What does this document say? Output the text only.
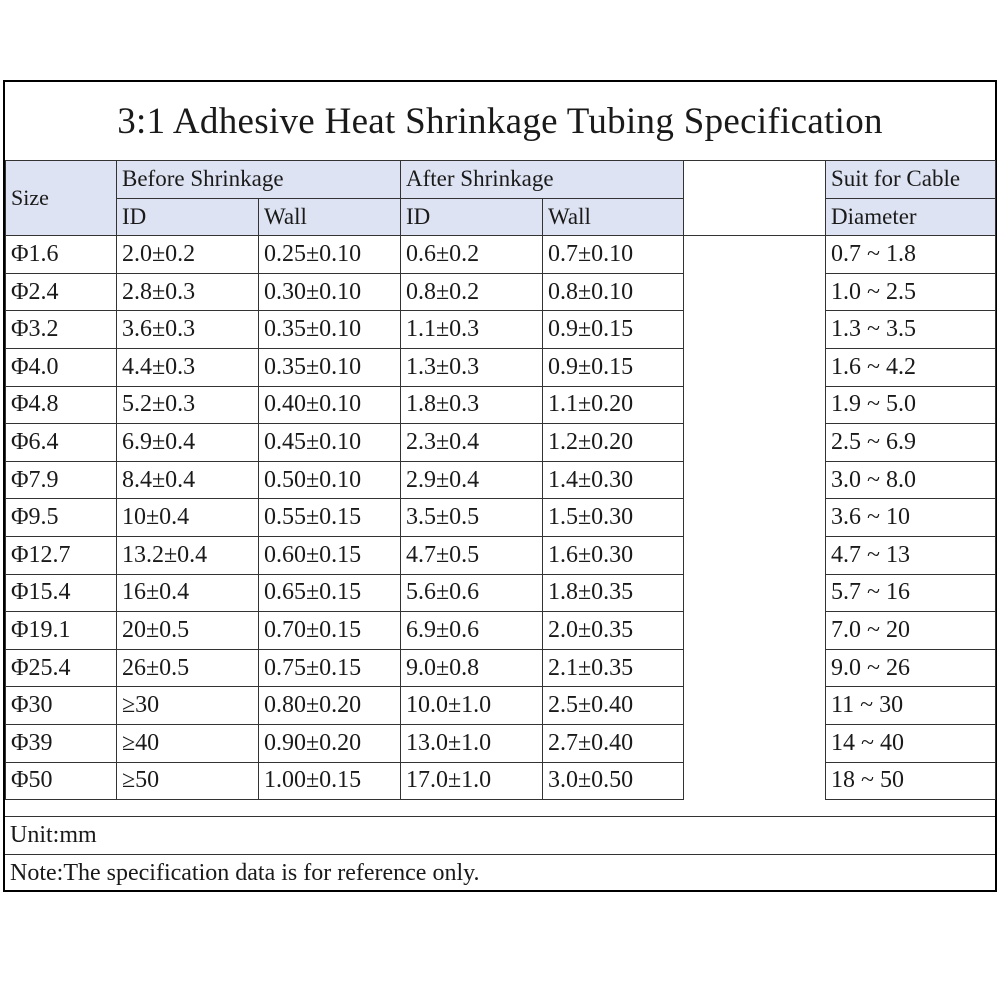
3:1 Adhesive Heat Shrinkage Tubing Specification
Size	Before Shrinkage		After Shrinkage			Suit for Cable
	ID	Wall	ID	Wall		Diameter
Φ1.6	2.0±0.2	0.25±0.10	0.6±0.2	0.7±0.10		0.7 ~ 1.8
Φ2.4	2.8±0.3	0.30±0.10	0.8±0.2	0.8±0.10		1.0 ~ 2.5
Φ3.2	3.6±0.3	0.35±0.10	1.1±0.3	0.9±0.15		1.3 ~ 3.5
Φ4.0	4.4±0.3	0.35±0.10	1.3±0.3	0.9±0.15		1.6 ~ 4.2
Φ4.8	5.2±0.3	0.40±0.10	1.8±0.3	1.1±0.20		1.9 ~ 5.0
Φ6.4	6.9±0.4	0.45±0.10	2.3±0.4	1.2±0.20		2.5 ~ 6.9
Φ7.9	8.4±0.4	0.50±0.10	2.9±0.4	1.4±0.30		3.0 ~ 8.0
Φ9.5	10±0.4	0.55±0.15	3.5±0.5	1.5±0.30		3.6 ~ 10
Φ12.7	13.2±0.4	0.60±0.15	4.7±0.5	1.6±0.30		4.7 ~ 13
Φ15.4	16±0.4	0.65±0.15	5.6±0.6	1.8±0.35		5.7 ~ 16
Φ19.1	20±0.5	0.70±0.15	6.9±0.6	2.0±0.35		7.0 ~ 20
Φ25.4	26±0.5	0.75±0.15	9.0±0.8	2.1±0.35		9.0 ~ 26
Φ30	≥30	0.80±0.20	10.0±1.0	2.5±0.40		11 ~ 30
Φ39	≥40	0.90±0.20	13.0±1.0	2.7±0.40		14 ~ 40
Φ50	≥50	1.00±0.15	17.0±1.0	3.0±0.50		18 ~ 50
Unit:mm
Note:The specification data is for reference only.
